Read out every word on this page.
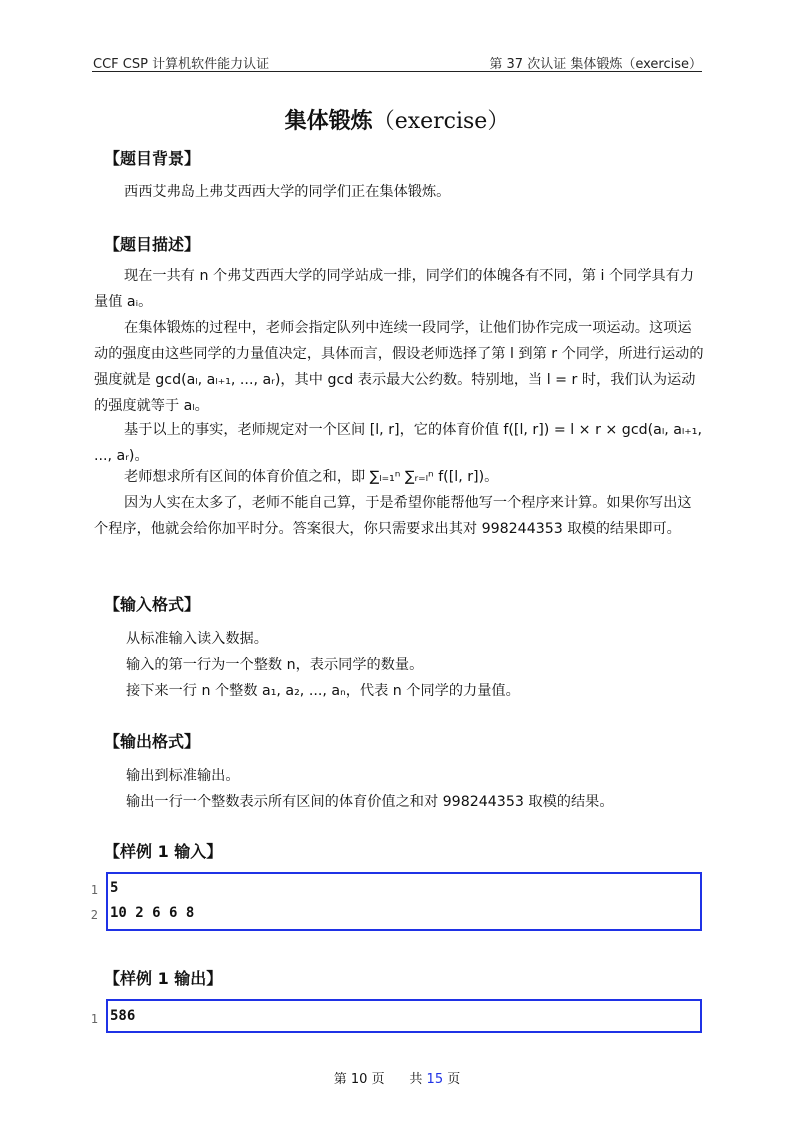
CCF CSP 计算机软件能力认证	第 37 次认证 集体锻炼（exercise）
集体锻炼（exercise）
【题目背景】
西西艾弗岛上弗艾西西大学的同学们正在集体锻炼。
【题目描述】
现在一共有 n 个弗艾西西大学的同学站成一排，同学们的体魄各有不同，第 i 个同学具有力量值 aᵢ。
在集体锻炼的过程中，老师会指定队列中连续一段同学，让他们协作完成一项运动。这项运动的强度由这些同学的力量值决定，具体而言，假设老师选择了第 l 到第 r 个同学，所进行运动的强度就是 gcd(aₗ, aₗ₊₁, ..., aᵣ)，其中 gcd 表示最大公约数。特别地，当 l = r 时，我们认为运动的强度就等于 aₗ。
基于以上的事实，老师规定对一个区间 [l, r]，它的体育价值 f([l, r]) = l × r × gcd(aₗ, aₗ₊₁, ..., aᵣ)。
老师想求所有区间的体育价值之和，即 ∑ₗ₌₁ⁿ ∑ᵣ₌ₗⁿ f([l, r])。
因为人实在太多了，老师不能自己算，于是希望你能帮他写一个程序来计算。如果你写出这个程序，他就会给你加平时分。答案很大，你只需要求出其对 998244353 取模的结果即可。
【输入格式】
从标准输入读入数据。
输入的第一行为一个整数 n，表示同学的数量。
接下来一行 n 个整数 a₁, a₂, ..., aₙ，代表 n 个同学的力量值。
【输出格式】
输出到标准输出。
输出一行一个整数表示所有区间的体育价值之和对 998244353 取模的结果。
【样例 1 输入】
1 5
2 10 2 6 6 8
【样例 1 输出】
1 586
第 10 页 共 15 页
